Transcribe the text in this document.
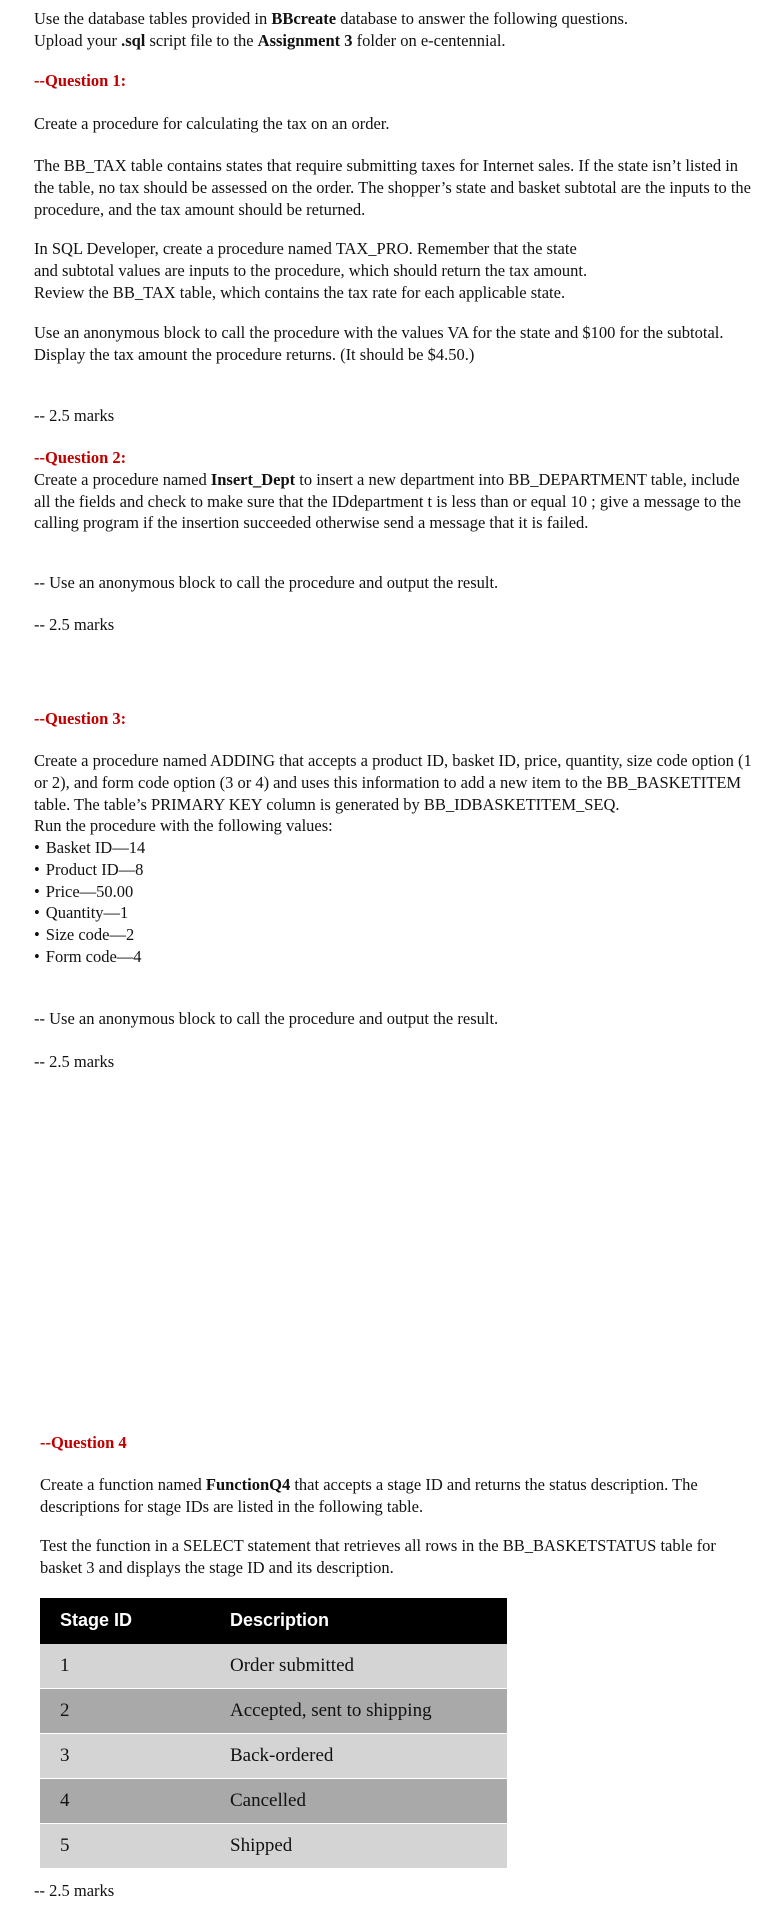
Use the database tables provided in BBcreate database to answer the following questions.

Upload your .sql script file to the Assignment 3 folder on e-centennial.

--Question 1:

Create a procedure for calculating the tax on an order.

The BB_TAX table contains states that require submitting taxes for Internet sales. If the state isn’t listed in the table, no tax should be assessed on the order. The shopper’s state and basket subtotal are the inputs to the procedure, and the tax amount should be returned.

In SQL Developer, create a procedure named TAX_PRO. Remember that the state

and subtotal values are inputs to the procedure, which should return the tax amount.

Review the BB_TAX table, which contains the tax rate for each applicable state.

Use an anonymous block to call the procedure with the values VA for the state and $100 for the subtotal.

Display the tax amount the procedure returns. (It should be $4.50.)

-- 2.5 marks

--Question 2:

Create a procedure named Insert_Dept to insert a new department into BB_DEPARTMENT table, include all the fields and check to make sure that the IDdepartment t is less than or equal 10 ; give a message to the calling program if the insertion succeeded otherwise send a message that it is failed.

-- Use an anonymous block to call the procedure and output the result.

-- 2.5 marks

--Question 3:

Create a procedure named ADDING that accepts a product ID, basket ID, price, quantity, size code option (1 or 2), and form code option (3 or 4) and uses this information to add a new item to the BB_BASKETITEM table. The table’s PRIMARY KEY column is generated by BB_IDBASKETITEM_SEQ.

Run the procedure with the following values:

• Basket ID—14
• Product ID—8
• Price—50.00
• Quantity—1
• Size code—2
• Form code—4

-- Use an anonymous block to call the procedure and output the result.

-- 2.5 marks

--Question 4

Create a function named FunctionQ4 that accepts a stage ID and returns the status description. The descriptions for stage IDs are listed in the following table.

Test the function in a SELECT statement that retrieves all rows in the BB_BASKETSTATUS table for basket 3 and displays the stage ID and its description.

Stage ID	Description
1	Order submitted
2	Accepted, sent to shipping
3	Back-ordered
4	Cancelled
5	Shipped

-- 2.5 marks
